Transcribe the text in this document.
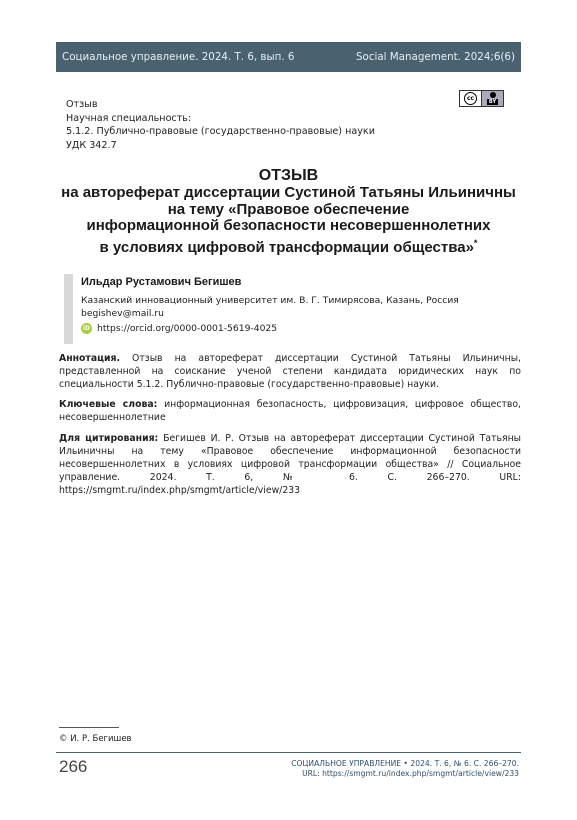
Социальное управление. 2024. Т. 6, вып. 6	Social Management. 2024;6(6)
Отзыв
Научная специальность:
5.1.2. Публично-правовые (государственно-правовые) науки
УДК 342.7
cc	BY
ОТЗЫВ
на автореферат диссертации Сустиной Татьяны Ильиничны
на тему «Правовое обеспечение
информационной безопасности несовершеннолетних
в условиях цифровой трансформации общества»*
Ильдар Рустамович Бегишев
Казанский инновационный университет им. В. Г. Тимирясова, Казань, Россия
begishev@mail.ru
iD https://orcid.org/0000-0001-5619-4025
Аннотация. Отзыв на автореферат диссертации Сустиной Татьяны Ильиничны, представленной на соискание ученой степени кандидата юридических наук по специальности 5.1.2. Публично-правовые (государственно-правовые) науки.
Ключевые слова: информационная безопасность, цифровизация, цифровое общество, несовершеннолетние
Для цитирования: Бегишев И. Р. Отзыв на автореферат диссертации Сустиной Татьяны Ильиничны на тему «Правовое обеспечение информационной безопасности несовершеннолетних в условиях цифровой трансформации общества» // Социальное управление. 2024. Т. 6, № 6. С. 266–270. URL: https://smgmt.ru/index.php/smgmt/article/view/233
© И. Р. Бегишев
266	СОЦИАЛЬНОЕ УПРАВЛЕНИЕ • 2024. Т. 6, № 6. С. 266–270.
URL: https://smgmt.ru/index.php/smgmt/article/view/233
